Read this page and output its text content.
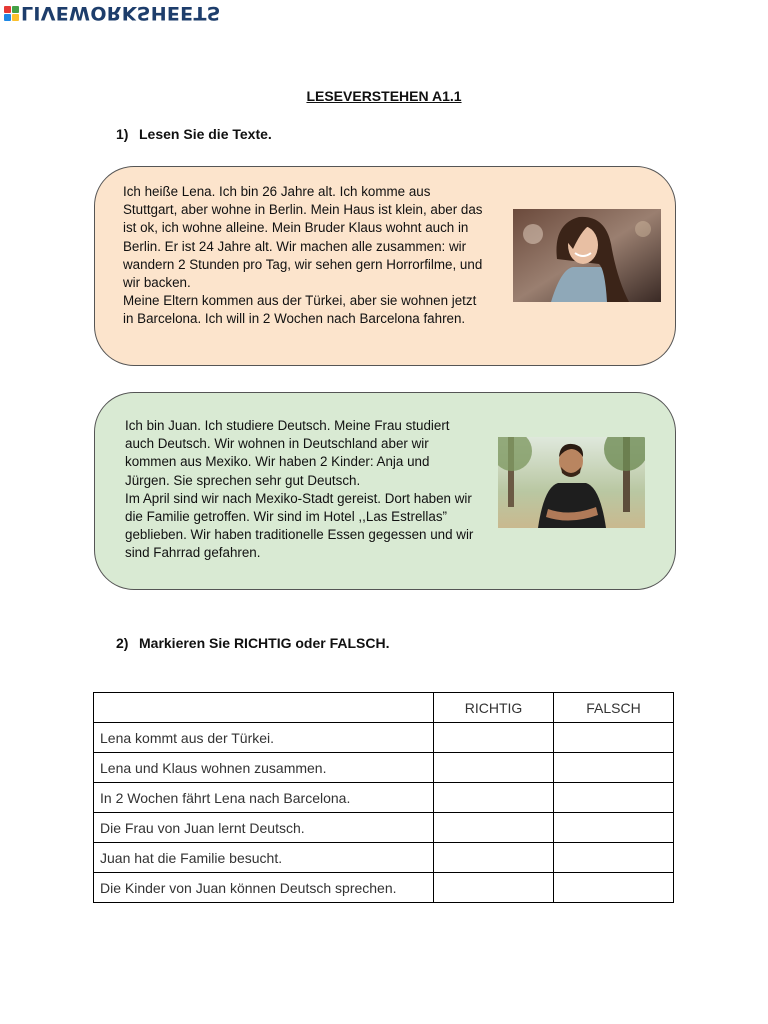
LIVEWORKSHEETS
LESEVERSTEHEN A1.1
1) Lesen Sie die Texte.

Ich heiße Lena. Ich bin 26 Jahre alt. Ich komme aus Stuttgart, aber wohne in Berlin. Mein Haus ist klein, aber das ist ok, ich wohne alleine. Mein Bruder Klaus wohnt auch in Berlin. Er ist 24 Jahre alt. Wir machen alle zusammen: wir wandern 2 Stunden pro Tag, wir sehen gern Horrorfilme, und wir backen.

Meine Eltern kommen aus der Türkei, aber sie wohnen jetzt in Barcelona. Ich will in 2 Wochen nach Barcelona fahren.

Ich bin Juan. Ich studiere Deutsch. Meine Frau studiert auch Deutsch. Wir wohnen in Deutschland aber wir kommen aus Mexiko. Wir haben 2 Kinder: Anja und Jürgen. Sie sprechen sehr gut Deutsch.

Im April sind wir nach Mexiko-Stadt gereist. Dort haben wir die Familie getroffen. Wir sind im Hotel ,,Las Estrellas” geblieben. Wir haben traditionelle Essen gegessen und wir sind Fahrrad gefahren.

2) Markieren Sie RICHTIG oder FALSCH.
	RICHTIG	FALSCH
Lena kommt aus der Türkei.		
Lena und Klaus wohnen zusammen.		
In 2 Wochen fährt Lena nach Barcelona.		
Die Frau von Juan lernt Deutsch.		
Juan hat die Familie besucht.		
Die Kinder von Juan können Deutsch sprechen.		
